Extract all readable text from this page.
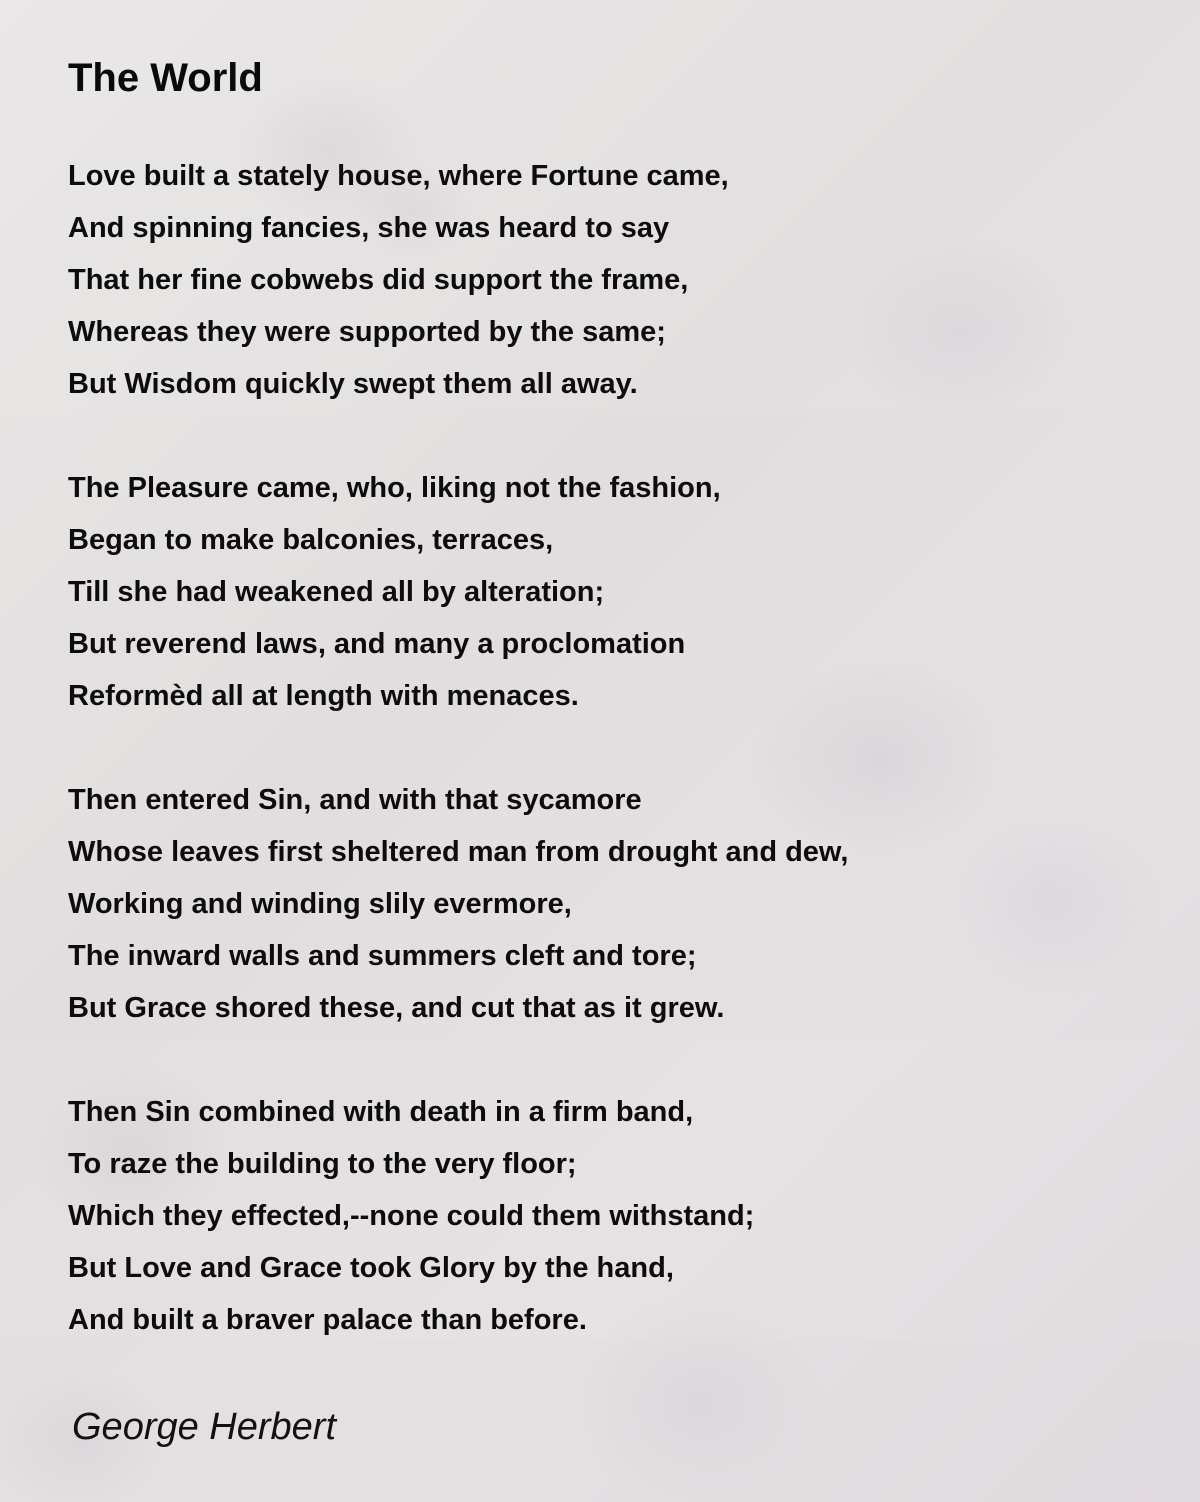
The World
Love built a stately house, where Fortune came,
And spinning fancies, she was heard to say
That her fine cobwebs did support the frame,
Whereas they were supported by the same;
But Wisdom quickly swept them all away.
The Pleasure came, who, liking not the fashion,
Began to make balconies, terraces,
Till she had weakened all by alteration;
But reverend laws, and many a proclomation
Reformèd all at length with menaces.
Then entered Sin, and with that sycamore
Whose leaves first sheltered man from drought and dew,
Working and winding slily evermore,
The inward walls and summers cleft and tore;
But Grace shored these, and cut that as it grew.
Then Sin combined with death in a firm band,
To raze the building to the very floor;
Which they effected,--none could them withstand;
But Love and Grace took Glory by the hand,
And built a braver palace than before.

George Herbert
